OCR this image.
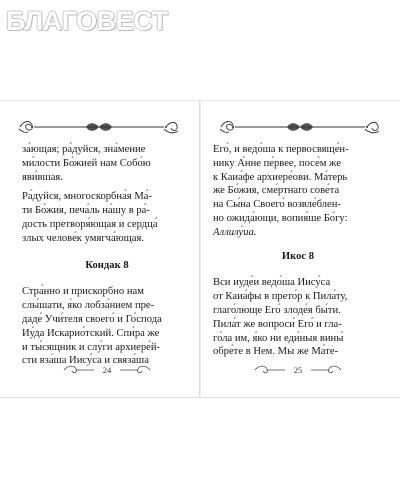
БЛАГОВЕСТ
за́ющая; ра́дуйся, зна́мение
ми́лости Бо́жией нам Собо́ю
яви́вшая.
Ра́дуйся, многоскорбна́я Ма́-
ти Бо́жия, печа́ль на́шу в ра́-
дость претворя́ющая и сердца́
злых челове́к умягча́ющая.
Кондак 8
Стра́нно и прискорбно нам
слы́шати, я́ко лобза́нием пре-
даде́ Учи́теля своего́ и Го́спода
Иу́да Искарио́тский. Спи́ра же
и ты́сящник и слу́ги архиере́й-
сти вза́ша Иису́са и связа́ша
24
Его́, и ведо́ша к первосвяще́н-
нику А́нне пе́рвее, посе́м же
к Каиа́фе архиере́ови. Ма́терь
же Бо́жия, сме́ртнаго сове́та
на Сы́на Своего́ возвле́блен-
но ожида́ющи, вопия́ше Бо́гу:
Аллилу́иа.
Икос 8
Вси иуде́и ведо́ша Иису́са
от Каиа́фы в прето́р к Пила́ту,
глаго́люще Его́ злоде́я бы́ти.
Пила́т же вопроси́ Его́ и гла-
го́ла им, я́ко ни еди́ныя вины́
обре́те в Нем. Мы же Ма́те-
25
